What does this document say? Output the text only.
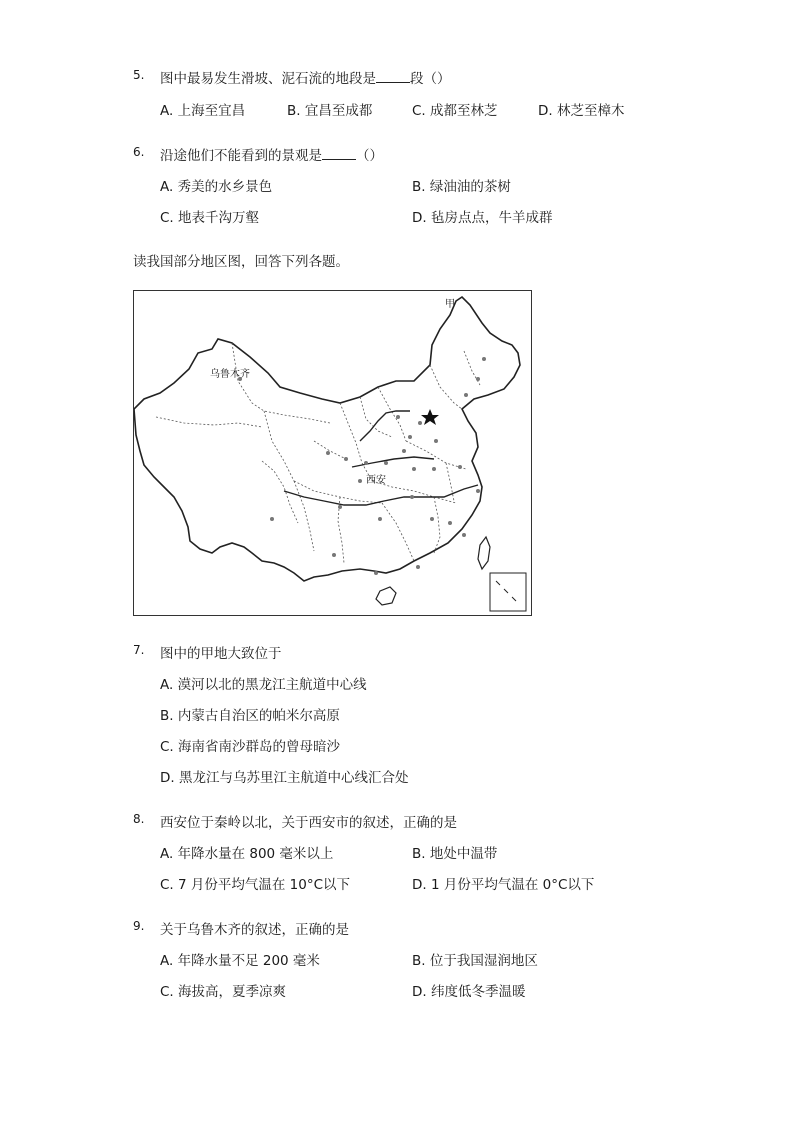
5. 图中最易发生滑坡、泥石流的地段是	段（）
A. 上海至宜昌	B. 宜昌至成都	C. 成都至林芝	D. 林芝至樟木
6. 沿途他们不能看到的景观是	（）
A. 秀美的水乡景色	B. 绿油油的茶树
C. 地表千沟万壑	D. 毡房点点，牛羊成群
读我国部分地区图，回答下列各题。
甲
乌鲁木齐
西安
7. 图中的甲地大致位于
A. 漠河以北的黑龙江主航道中心线
B. 内蒙古自治区的帕米尔高原
C. 海南省南沙群岛的曾母暗沙
D. 黑龙江与乌苏里江主航道中心线汇合处
8. 西安位于秦岭以北，关于西安市的叙述，正确的是
A. 年降水量在 800 毫米以上	B. 地处中温带
C. 7 月份平均气温在 10°C以下	D. 1 月份平均气温在 0°C以下
9. 关于乌鲁木齐的叙述，正确的是
A. 年降水量不足 200 毫米	B. 位于我国湿润地区
C. 海拔高，夏季凉爽	D. 纬度低冬季温暖
